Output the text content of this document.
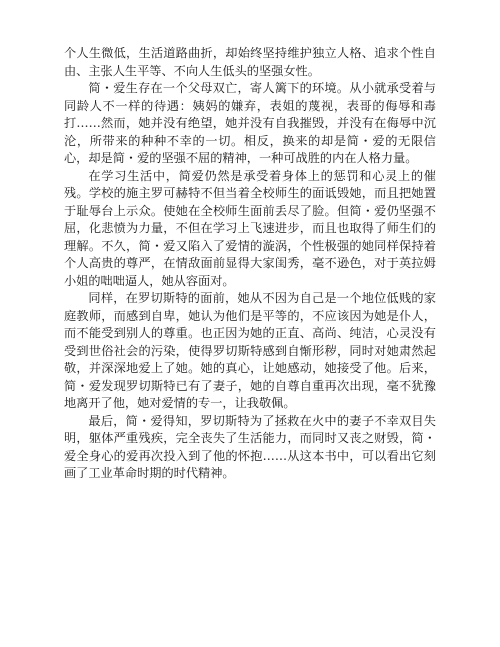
个人生微低，生活道路曲折，却始终坚持维护独立人格、追求个性自由、主张人生平等、不向人生低头的坚强女性。

简・爱生存在一个父母双亡，寄人篱下的环境。从小就承受着与同龄人不一样的待遇：姨妈的嫌弃，表姐的蔑视，表哥的侮辱和毒打……然而，她并没有绝望，她并没有自我摧毁，并没有在侮辱中沉沦，所带来的种种不幸的一切。相反，换来的却是简・爱的无限信心，却是简・爱的坚强不屈的精神，一种可战胜的内在人格力量。

在学习生活中，简爱仍然是承受着身体上的惩罚和心灵上的催残。学校的施主罗可赫特不但当着全校师生的面诋毁她，而且把她置于耻辱台上示众。使她在全校师生面前丢尽了脸。但简・爱仍坚强不屈，化悲愤为力量，不但在学习上飞速进步，而且也取得了师生们的理解。不久，简・爱又陷入了爱情的漩涡，个性极强的她同样保持着个人高贵的尊严，在情敌面前显得大家闺秀，毫不逊色，对于英拉姆小姐的咄咄逼人，她从容面对。

同样，在罗切斯特的面前，她从不因为自己是一个地位低贱的家庭教师，而感到自卑，她认为他们是平等的，不应该因为她是仆人，而不能受到别人的尊重。也正因为她的正直、高尚、纯洁，心灵没有受到世俗社会的污染，使得罗切斯特感到自惭形秽，同时对她肃然起敬，并深深地爱上了她。她的真心，让她感动，她接受了他。后来，简・爱发现罗切斯特已有了妻子，她的自尊自重再次出现，毫不犹豫地离开了他，她对爱情的专一，让我敬佩。

最后，简・爱得知，罗切斯特为了拯救在火中的妻子不幸双目失明，躯体严重残疾，完全丧失了生活能力，而同时又丧之财毁，简・爱全身心的爱再次投入到了他的怀抱……从这本书中，可以看出它刻画了工业革命时期的时代精神。
